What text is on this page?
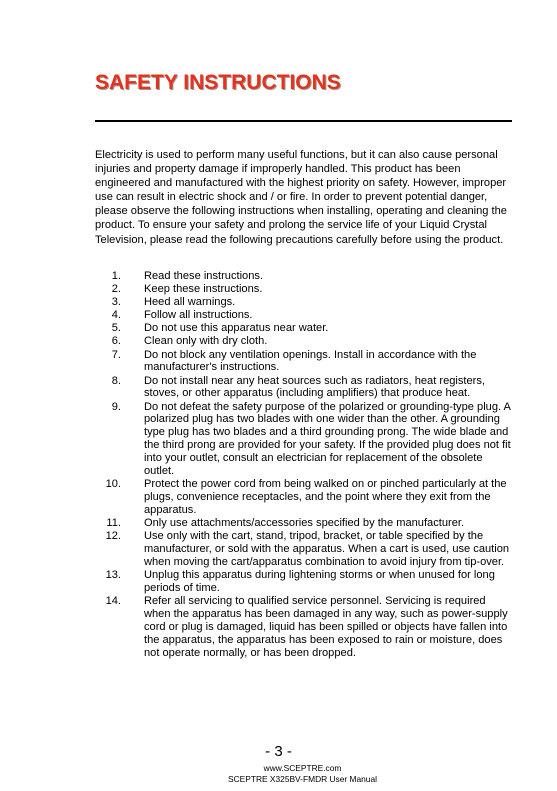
SAFETY INSTRUCTIONS

Electricity is used to perform many useful functions, but it can also cause personal injuries and property damage if improperly handled. This product has been engineered and manufactured with the highest priority on safety. However, improper use can result in electric shock and / or fire. In order to prevent potential danger, please observe the following instructions when installing, operating and cleaning the product. To ensure your safety and prolong the service life of your Liquid Crystal Television, please read the following precautions carefully before using the product.

1.	Read these instructions.
2.	Keep these instructions.
3.	Heed all warnings.
4.	Follow all instructions.
5.	Do not use this apparatus near water.
6.	Clean only with dry cloth.
7.	Do not block any ventilation openings. Install in accordance with the manufacturer's instructions.
8.	Do not install near any heat sources such as radiators, heat registers, stoves, or other apparatus (including amplifiers) that produce heat.
9.	Do not defeat the safety purpose of the polarized or grounding-type plug. A polarized plug has two blades with one wider than the other. A grounding type plug has two blades and a third grounding prong. The wide blade and the third prong are provided for your safety. If the provided plug does not fit into your outlet, consult an electrician for replacement of the obsolete outlet.
10.	Protect the power cord from being walked on or pinched particularly at the plugs, convenience receptacles, and the point where they exit from the apparatus.
11.	Only use attachments/accessories specified by the manufacturer.
12.	Use only with the cart, stand, tripod, bracket, or table specified by the manufacturer, or sold with the apparatus. When a cart is used, use caution when moving the cart/apparatus combination to avoid injury from tip-over.
13.	Unplug this apparatus during lightening storms or when unused for long periods of time.
14.	Refer all servicing to qualified service personnel. Servicing is required when the apparatus has been damaged in any way, such as power-supply cord or plug is damaged, liquid has been spilled or objects have fallen into the apparatus, the apparatus has been exposed to rain or moisture, does not operate normally, or has been dropped.
- 3 -
www.SCEPTRE.com
SCEPTRE X325BV-FMDR User Manual
